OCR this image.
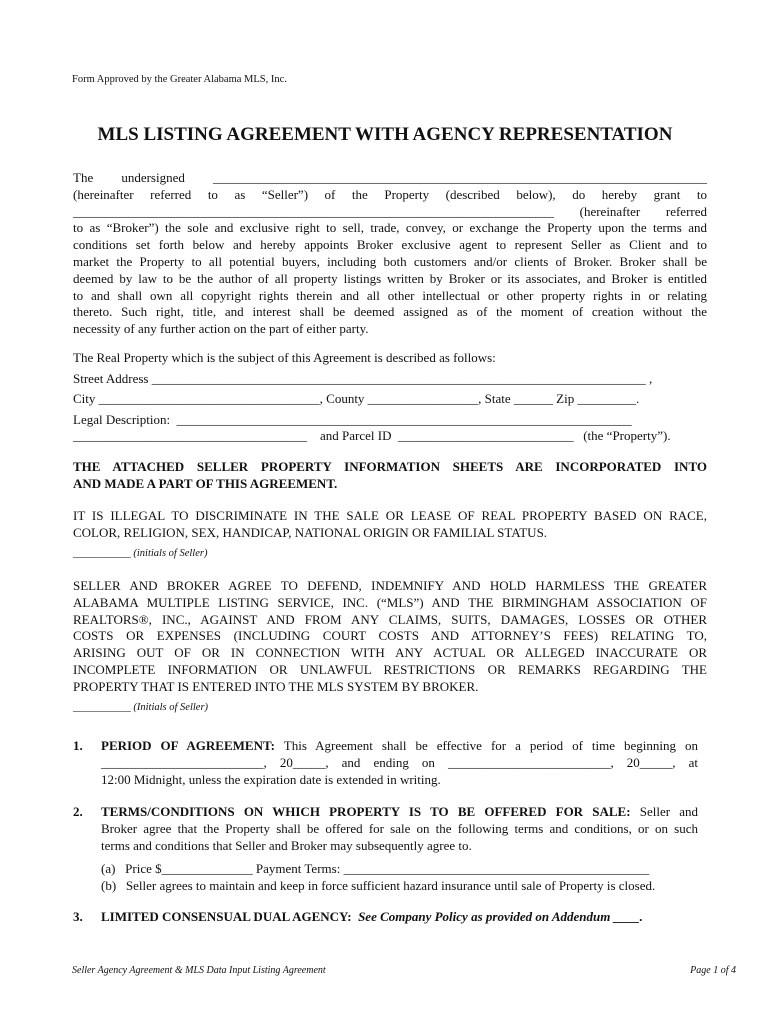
Form Approved by the Greater Alabama MLS, Inc.
MLS LISTING AGREEMENT WITH AGENCY REPRESENTATION
The undersigned ____________________________________________________________________________
(hereinafter referred to as “Seller”) of the Property (described below), do hereby grant to
__________________________________________________________________________ (hereinafter referred
to as “Broker”) the sole and exclusive right to sell, trade, convey, or exchange the Property upon the terms and
conditions set forth below and hereby appoints Broker exclusive agent to represent Seller as Client and to
market the Property to all potential buyers, including both customers and/or clients of Broker. Broker shall be
deemed by law to be the author of all property listings written by Broker or its associates, and Broker is entitled
to and shall own all copyright rights therein and all other intellectual or other property rights in or relating
thereto. Such right, title, and interest shall be deemed assigned as of the moment of creation without the
necessity of any further action on the part of either party.
The Real Property which is the subject of this Agreement is described as follows:
Street Address ____________________________________________________________________________ ,
City __________________________________, County _________________, State ______ Zip _________.
Legal Description:  ______________________________________________________________________
____________________________________    and Parcel ID  ___________________________   (the “Property”).
THE ATTACHED SELLER PROPERTY INFORMATION SHEETS ARE INCORPORATED INTO
AND MADE A PART OF THIS AGREEMENT.
IT IS ILLEGAL TO DISCRIMINATE IN THE SALE OR LEASE OF REAL PROPERTY BASED ON RACE,
COLOR, RELIGION, SEX, HANDICAP, NATIONAL ORIGIN OR FAMILIAL STATUS.
___________ (initials of Seller)
SELLER AND BROKER AGREE TO DEFEND, INDEMNIFY AND HOLD HARMLESS THE GREATER
ALABAMA MULTIPLE LISTING SERVICE, INC. (“MLS”) AND THE BIRMINGHAM ASSOCIATION OF
REALTORS®, INC., AGAINST AND FROM ANY CLAIMS, SUITS, DAMAGES, LOSSES OR OTHER
COSTS OR EXPENSES (INCLUDING COURT COSTS AND ATTORNEY’S FEES) RELATING TO,
ARISING OUT OF OR IN CONNECTION WITH ANY ACTUAL OR ALLEGED INACCURATE OR
INCOMPLETE INFORMATION OR UNLAWFUL RESTRICTIONS OR REMARKS REGARDING THE
PROPERTY THAT IS ENTERED INTO THE MLS SYSTEM BY BROKER.
___________ (Initials of Seller)
1. PERIOD OF AGREEMENT: This Agreement shall be effective for a period of time beginning on
_________________________, 20_____, and ending on _________________________, 20_____, at
12:00 Midnight, unless the expiration date is extended in writing.
2. TERMS/CONDITIONS ON WHICH PROPERTY IS TO BE OFFERED FOR SALE: Seller and
Broker agree that the Property shall be offered for sale on the following terms and conditions, or on such
terms and conditions that Seller and Broker may subsequently agree to.
(a)   Price $______________ Payment Terms: _______________________________________________
(b)   Seller agrees to maintain and keep in force sufficient hazard insurance until sale of Property is closed.
3. LIMITED CONSENSUAL DUAL AGENCY:  See Company Policy as provided on Addendum ____.
Seller Agency Agreement & MLS Data Input Listing Agreement	Page 1 of 4
